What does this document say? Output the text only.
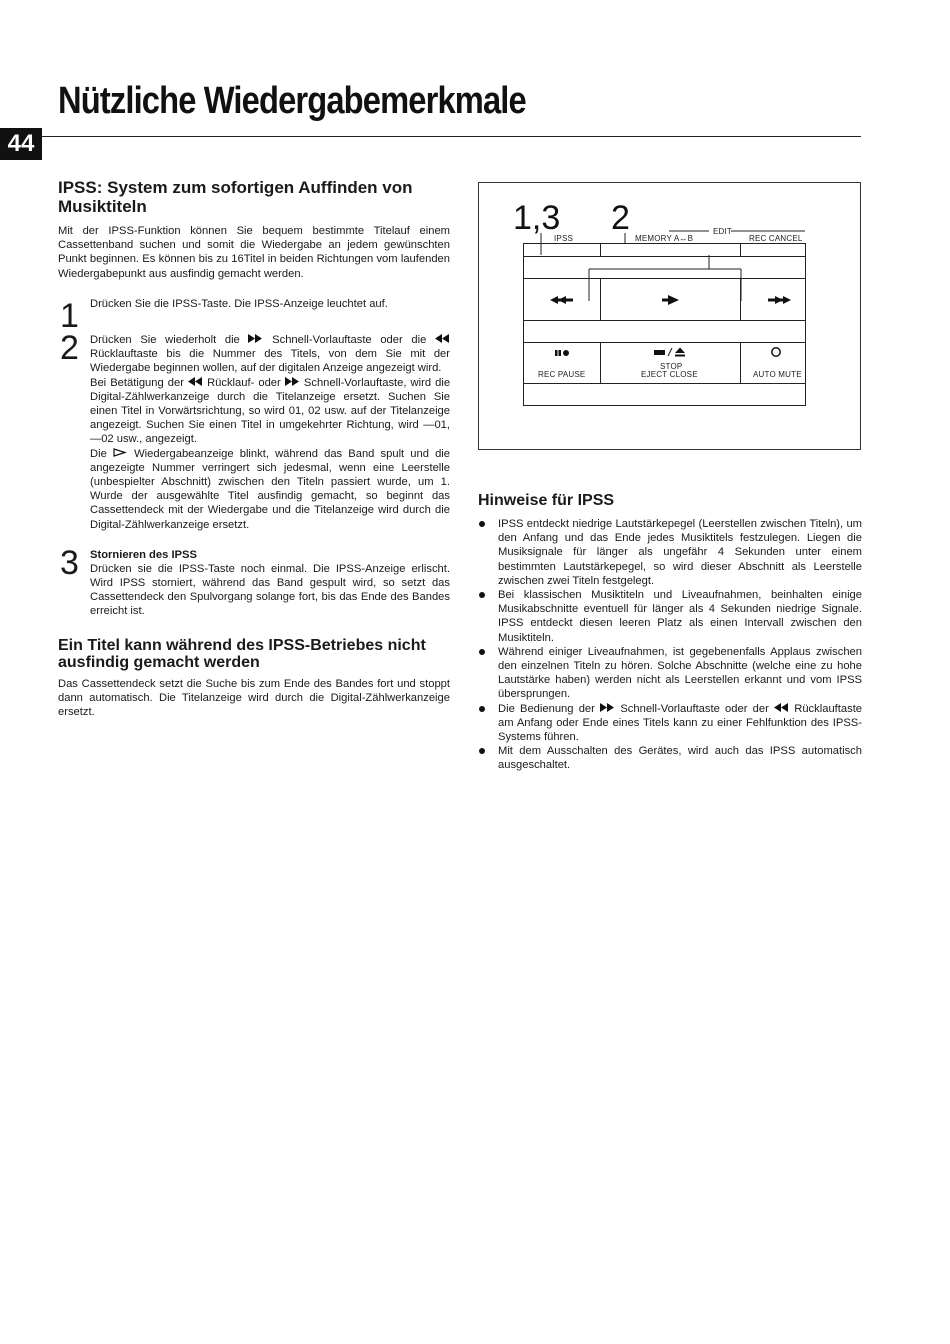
Nützliche Wiedergabemerkmale
44
IPSS: System zum sofortigen Auffinden von Musiktiteln

Mit der IPSS-Funktion können Sie bequem bestimmte Titelauf einem Cassettenband suchen und somit die Wiedergabe an jedem gewünschten Punkt beginnen. Es können bis zu 16Titel in beiden Richtungen vom laufenden Wiedergabepunkt aus ausfindig gemacht werden.

1 Drücken Sie die IPSS-Taste. Die IPSS-Anzeige leuchtet auf.

2 Drücken Sie wiederholt die	Schnell-Vorlauftaste oder die  Rücklauftaste bis die Nummer des Titels, von dem Sie mit der Wiedergabe beginnen wollen, auf der digitalen Anzeige angezeigt wird.

Bei Betätigung der Rücklauf- oder Schnell-Vorlauftaste, wird die Digital-Zählwerkanzeige durch die Titelanzeige ersetzt. Suchen Sie einen Titel in Vorwärtsrichtung, so wird 01, 02 usw. auf der Titelanzeige angezeigt. Suchen Sie einen Titel in umgekehrter Richtung, wird —01, —02 usw., angezeigt.

Die Wiedergabeanzeige blinkt, während das Band spult und die angezeigte Nummer verringert sich jedesmal, wenn eine Leerstelle (unbespielter Abschnitt) zwischen den Titeln passiert wurde, um 1. Wurde der ausgewählte Titel ausfindig gemacht, so beginnt das Cassettendeck mit der Wiedergabe und die Titelanzeige wird durch die Digital-Zählwerkanzeige ersetzt.

3 Stornieren des IPSS

Drücken sie die IPSS-Taste noch einmal. Die IPSS-Anzeige erlischt. Wird IPSS storniert, während das Band gespult wird, so setzt das Cassettendeck den Spulvorgang solange fort, bis das Ende des Bandes erreicht ist.

Ein Titel kann während des IPSS-Betriebes nicht ausfindig gemacht werden

Das Cassettendeck setzt die Suche bis zum Ende des Bandes fort und stoppt dann automatisch. Die Titelanzeige wird durch die Digital-Zählwerkanzeige ersetzt.

1,3 2
IPSS	MEMORY A↔B
EDIT
REC CANCEL
REC PAUSE
STOP
EJECT CLOSE	AUTO MUTE
Hinweise für IPSS
IPSS entdeckt niedrige Lautstärkepegel (Leerstellen zwischen Titeln), um den Anfang und das Ende jedes Musiktitels festzulegen. Liegen die Musiksignale für länger als ungefähr 4 Sekunden unter einem bestimmten Lautstärkepegel, so wird dieser Abschnitt als Leerstelle zwischen zwei Titeln festgelegt.
Bei klassischen Musiktiteln und Liveaufnahmen, beinhalten einige Musikabschnitte eventuell für länger als 4 Sekunden niedrige Signale. IPSS entdeckt diesen leeren Platz als einen Intervall zwischen den Musiktiteln.
Während einiger Liveaufnahmen, ist gegebenenfalls Applaus zwischen den einzelnen Titeln zu hören. Solche Abschnitte (welche eine zu hohe Lautstärke haben) werden nicht als Leerstellen erkannt und vom IPSS übersprungen.
Die Bedienung der Schnell-Vorlauftaste oder der Rücklauftaste am Anfang oder Ende eines Titels kann zu einer Fehlfunktion des IPSS-Systems führen.
Mit dem Ausschalten des Gerätes, wird auch das IPSS automatisch ausgeschaltet.
